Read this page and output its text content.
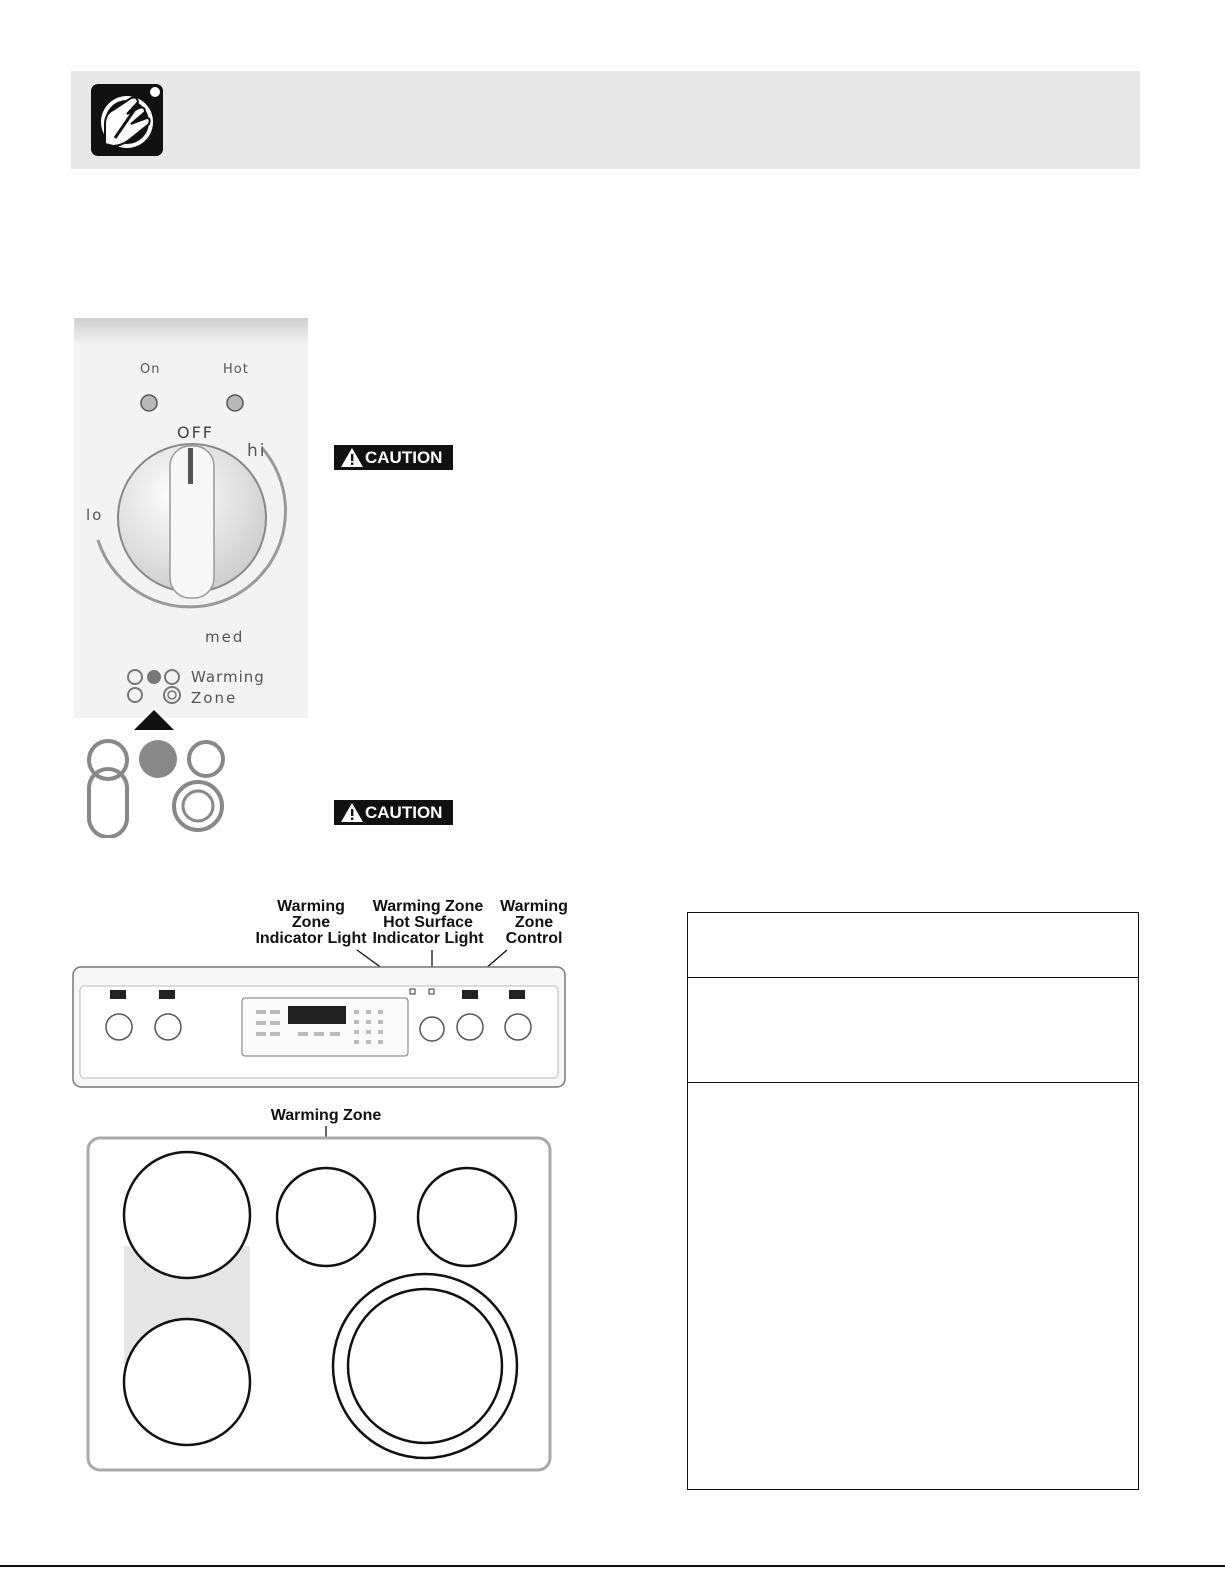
On	Hot
OFF
hi
lo
med
Warming
Zone
CAUTION
CAUTION
Warming
Zone
Indicator Light
Warming Zone
Hot Surface
Indicator Light
Warming
Zone
Control
Warming Zone
